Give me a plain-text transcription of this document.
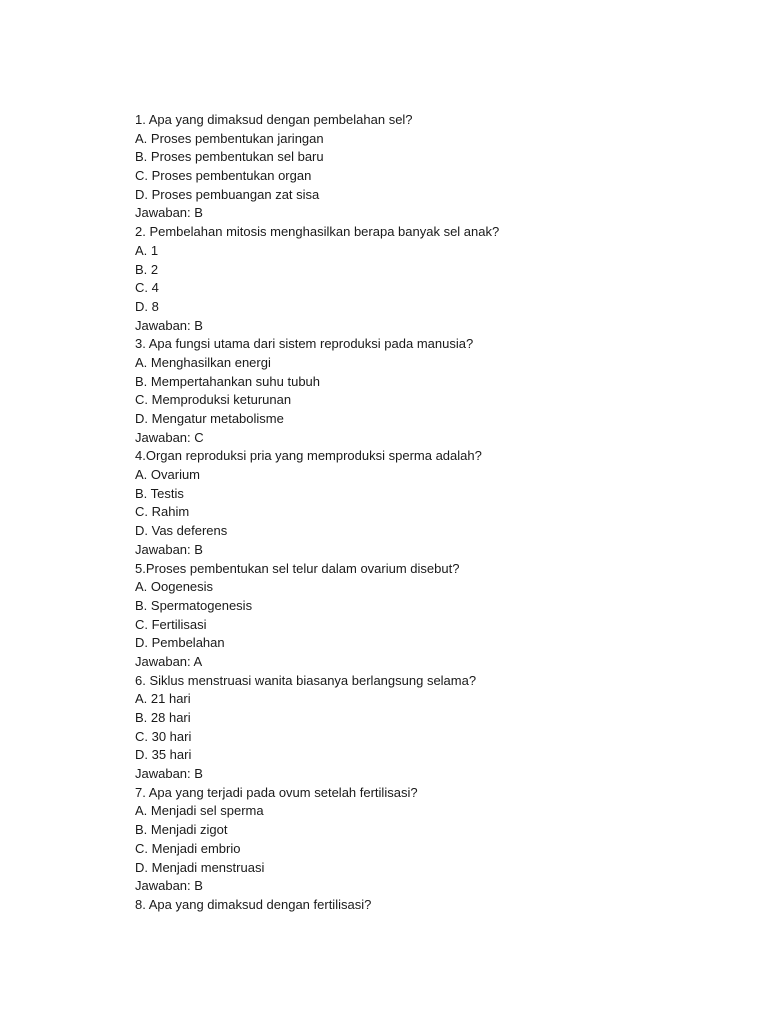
1. Apa yang dimaksud dengan pembelahan sel?
A. Proses pembentukan jaringan
B. Proses pembentukan sel baru
C. Proses pembentukan organ
D. Proses pembuangan zat sisa
Jawaban: B
2. Pembelahan mitosis menghasilkan berapa banyak sel anak?
A. 1
B. 2
C. 4
D. 8
Jawaban: B
3. Apa fungsi utama dari sistem reproduksi pada manusia?
A. Menghasilkan energi
B. Mempertahankan suhu tubuh
C. Memproduksi keturunan
D. Mengatur metabolisme
Jawaban: C
4.Organ reproduksi pria yang memproduksi sperma adalah?
A. Ovarium
B. Testis
C. Rahim
D. Vas deferens
Jawaban: B
5.Proses pembentukan sel telur dalam ovarium disebut?
A. Oogenesis
B. Spermatogenesis
C. Fertilisasi
D. Pembelahan
Jawaban: A
6. Siklus menstruasi wanita biasanya berlangsung selama?
A. 21 hari
B. 28 hari
C. 30 hari
D. 35 hari
Jawaban: B
7. Apa yang terjadi pada ovum setelah fertilisasi?
A. Menjadi sel sperma
B. Menjadi zigot
C. Menjadi embrio
D. Menjadi menstruasi
Jawaban: B
8. Apa yang dimaksud dengan fertilisasi?
